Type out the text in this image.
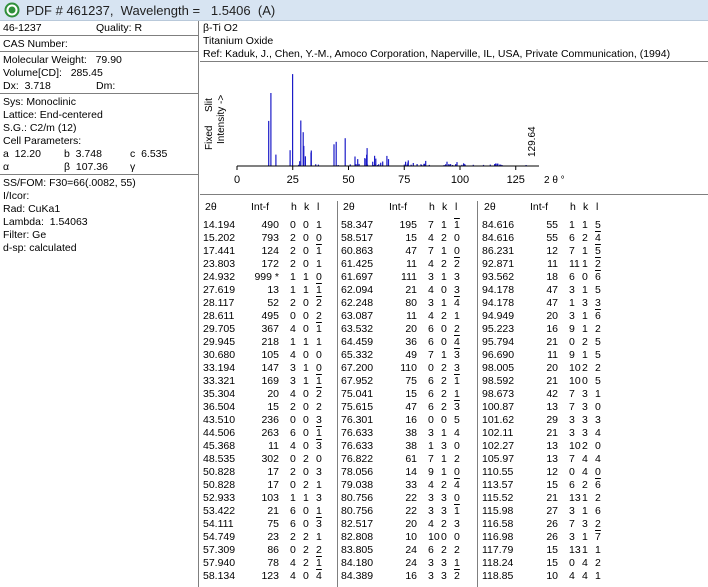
PDF # 461237,  Wavelength =   1.5406  (A)
46-1237	Quality: R
CAS Number:
Molecular Weight:   79.90
Volume[CD]:   285.45
Dx:  3.718	Dm:
Sys: Monoclinic
Lattice: End-centered
S.G.: C2/m (12)
Cell Parameters:
a  12.20 b  3.748	c  6.535
α	β  107.36 γ
SS/FOM: F30=66(.0082, 55)
I/Icor:
Rad: CuKa1
Lambda:  1.54063
Filter: Ge
d-sp: calculated
β-Ti O2
Titanium Oxide
Ref: Kaduk, J., Chen, Y.-M., Amoco Corporation, Naperville, IL, USA, Private Communication, (1994)
Fixed
Slit Intensity ->
0	25	50	75	100	125
129.64
2 θ °
2θ	Int-f h k l
14.194	490 0 0 1
15.202	793 2 0 0
17.441	124 2 0 1
23.803	172 2 0 1
24.932	999 * 1 1 0
27.619	13 1 1 1
28.117	52 2 0 2
28.611	495 0 0 2
29.705	367 4 0 1
29.945	218 1 1 1
30.680	105 4 0 0
33.194	147 3 1 0
33.321	169 3 1 1
35.304	20 4 0 2
36.504	15 2 0 2
43.510	236 0 0 3
44.506	263 6 0 1
45.368	11 4 0 3
48.535	302 0 2 0
50.828	17 2 0 3
50.828	17 0 2 1
52.933	103 1 1 3
53.422	21 6 0 1
54.111	75 6 0 3
54.749	23 2 2 1
57.309	86 0 2 2
57.940	78 4 2 1
58.134	123 4 0 4
2θ	Int-f h k l
58.347	195 7 1 1
58.517	15 4 2 0
60.863	47 7 1 0
61.425	11 4 2 2
61.697	111 3 1 3
62.094	21 4 0 3
62.248	80 3 1 4
63.087	11 4 2 1
63.532	20 6 0 2
64.459	36 6 0 4
65.332	49 7 1 3
67.200	110 0 2 3
67.952	75 6 2 1
75.041	15 6 2 1
75.615	47 6 2 3
76.301	16 0 0 5
76.633	38 3 1 4
76.633	38 1 3 0
76.822	61 7 1 2
78.056	14 9 1 0
79.038	33 4 2 4
80.756	22 3 3 0
80.756	22 3 3 1
82.517	20 4 2 3
82.808	10 10 0 0
83.805	24 6 2 2
84.180	24 3 3 1
84.389	16 3 3 2
2θ	Int-f h k l
84.616	55 1 1 5
84.616	55 6 2 4
86.231	12 7 1 5
92.871	11 11 1 2
93.562	18 6 0 6
94.178	47 3 1 5
94.178	47 1 3 3
94.949	20 3 1 6
95.223	16 9 1 2
95.794	21 0 2 5
96.690	11 9 1 5
98.005	20 10 2 2
98.592	21 10 0 5
98.673	42 7 3 1
100.87	13 7 3 0
101.62	29 3 3 3
102.11	21 3 3 4
102.27	13 10 2 0
105.97	13 7 4 4
110.55	12 0 4 0
113.57	15 6 2 6
115.52	21 13 1 2
115.98	27 3 1 6
116.58	26 7 3 2
116.98	26 3 1 7
117.79	15 13 1 1
118.24	15 0 4 2
118.85	10 4 4 1
